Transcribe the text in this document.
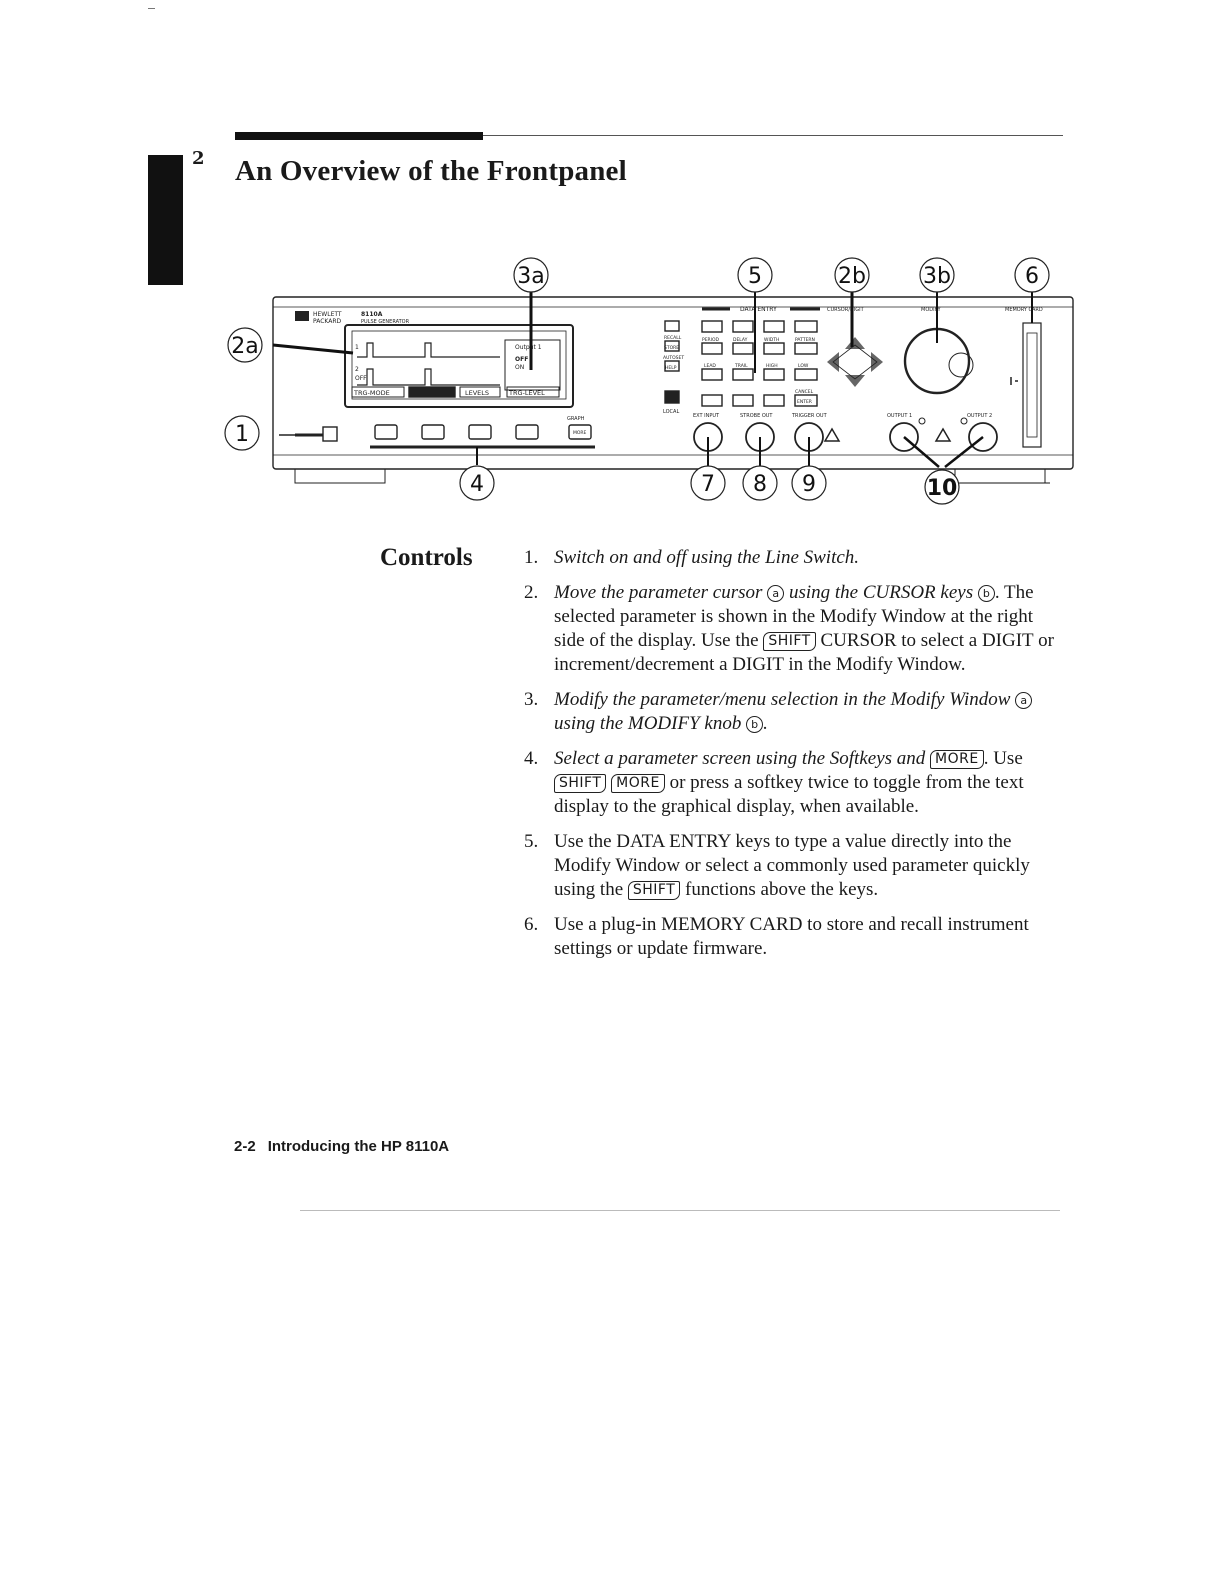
2 An Overview of the Frontpanel
HEWLETT
PACKARD
8110A
PULSE GENERATOR
Output 1
OFF
ON
1
2
OFF
TRG-MODE	LEVELS	TRG-LEVEL
DATA ENTRY	CURSOR/DIGIT	MODIFY	MEMORY CARD
GRAPH
MORE
LOCAL
EXT INPUT	STROBE OUT	TRIGGER OUT	OUTPUT 1	OUTPUT 2
RECALL
STORE
AUTOSET
HELP
PERIOD	DELAY	WIDTH	PATTERN
LEAD	TRAIL	HIGH	LOW
CANCEL
ENTER
3a	5	2b	3b	6
2a
1
4	7 8 9	10
Controls	1. Switch on and off using the Line Switch.
2. Move the parameter cursor a using the CURSOR keys b . The selected parameter is shown in the Modify Window at the right side of the display. Use the SHIFT CURSOR to select a DIGIT or increment/decrement a DIGIT in the Modify Window.
3. Modify the parameter/menu selection in the Modify Window a using the MODIFY knob b .
4. Select a parameter screen using the Softkeys and MORE . Use SHIFT MORE or press a softkey twice to toggle from the text display to the graphical display, when available.
5. Use the DATA ENTRY keys to type a value directly into the Modify Window or select a commonly used parameter quickly using the SHIFT functions above the keys.
6. Use a plug-in MEMORY CARD to store and recall instrument settings or update firmware.
2-2 Introducing the HP 8110A
